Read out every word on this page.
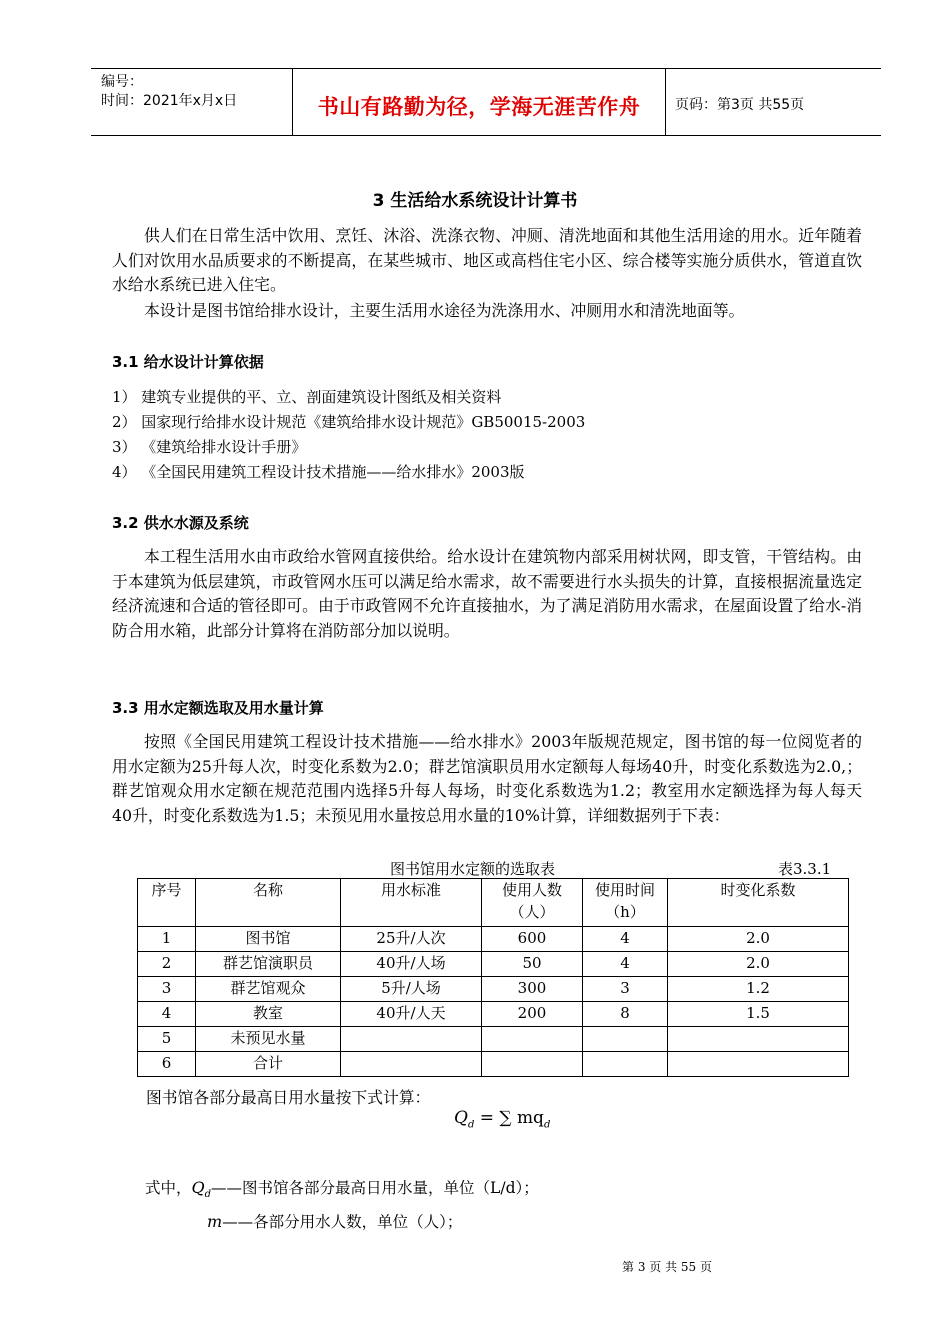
编号：
时间：2021年x月x日	书山有路勤为径，学海无涯苦作舟	页码：第3页 共55页
3 生活给水系统设计计算书
供人们在日常生活中饮用、烹饪、沐浴、洗涤衣物、冲厕、清洗地面和其他生活用途的用水。近年随着人们对饮用水品质要求的不断提高，在某些城市、地区或高档住宅小区、综合楼等实施分质供水，管道直饮水给水系统已进入住宅。
本设计是图书馆给排水设计，主要生活用水途径为洗涤用水、冲厕用水和清洗地面等。
3.1 给水设计计算依据
1） 建筑专业提供的平、立、剖面建筑设计图纸及相关资料
2） 国家现行给排水设计规范《建筑给排水设计规范》GB50015-2003
3） 《建筑给排水设计手册》
4） 《全国民用建筑工程设计技术措施——给水排水》2003版
3.2 供水水源及系统
本工程生活用水由市政给水管网直接供给。给水设计在建筑物内部采用树状网，即支管，干管结构。由于本建筑为低层建筑，市政管网水压可以满足给水需求，故不需要进行水头损失的计算，直接根据流量选定经济流速和合适的管径即可。由于市政管网不允许直接抽水，为了满足消防用水需求，在屋面设置了给水-消防合用水箱，此部分计算将在消防部分加以说明。
3.3 用水定额选取及用水量计算
按照《全国民用建筑工程设计技术措施——给水排水》2003年版规范规定，图书馆的每一位阅览者的用水定额为25升每人次，时变化系数为2.0；群艺馆演职员用水定额每人每场40升，时变化系数选为2.0,；群艺馆观众用水定额在规范范围内选择5升每人每场，时变化系数选为1.2；教室用水定额选择为每人每天40升，时变化系数选为1.5；未预见用水量按总用水量的10%计算，详细数据列于下表：
图书馆用水定额的选取表	表3.3.1
序号	名称	用水标准	使用人数（人）	使用时间（h）	时变化系数
1	图书馆	25升/人次	600	4	2.0
2	群艺馆演职员	40升/人场	50	4	2.0
3	群艺馆观众	5升/人场	300	3	1.2
4	教室	40升/人天	200	8	1.5
5	未预见水量				
6	合计				
图书馆各部分最高日用水量按下式计算：
$Q_d$ = ∑ $mq_d$
式中，$Q_d——$图书馆各部分最高日用水量，单位（L/d）；
m——各部分用水人数，单位（人）；
第 3 页 共 55 页
